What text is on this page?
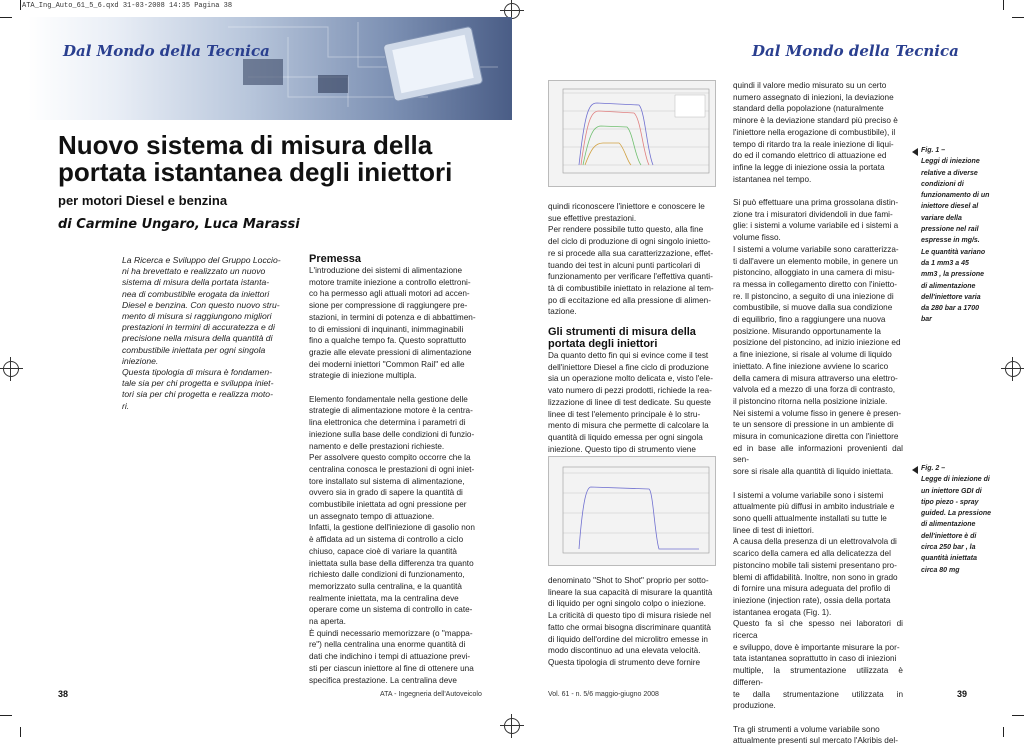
ATA_Ing_Auto_61_5_6.qxd 31-03-2008 14:35 Pagina 38
Dal Mondo della Tecnica	Dal Mondo della Tecnica
Nuovo sistema di misura della
portata istantanea degli iniettori
per motori Diesel e benzina
di Carmine Ungaro, Luca Marassi
La Ricerca e Sviluppo del Gruppo Loccio-
ni ha brevettato e realizzato un nuovo
sistema di misura della portata istanta-
nea di combustibile erogata da iniettori
Diesel e benzina. Con questo nuovo stru-
mento di misura si raggiungono migliori
prestazioni in termini di accuratezza e di
precisione nella misura della quantità di
combustibile iniettata per ogni singola
iniezione.
Questa tipologia di misura è fondamen-
tale sia per chi progetta e sviluppa iniet-
tori sia per chi progetta e realizza moto-
ri.
Premessa
L'introduzione dei sistemi di alimentazione
motore tramite iniezione a controllo elettroni-
co ha permesso agli attuali motori ad accen-
sione per compressione di raggiungere pre-
stazioni, in termini di potenza e di abbattimen-
to di emissioni di inquinanti, inimmaginabili
fino a qualche tempo fa. Questo soprattutto
grazie alle elevate pressioni di alimentazione
dei moderni iniettori "Common Rail" ed alle
strategie di iniezione multipla.
Elemento fondamentale nella gestione delle
strategie di alimentazione motore è la centra-
lina elettronica che determina i parametri di
iniezione sulla base delle condizioni di funzio-
namento e delle prestazioni richieste.
Per assolvere questo compito occorre che la
centralina conosca le prestazioni di ogni iniet-
tore installato sul sistema di alimentazione,
ovvero sia in grado di sapere la quantità di
combustibile iniettata ad ogni pressione per
un assegnato tempo di attuazione.
Infatti, la gestione dell'iniezione di gasolio non
è affidata ad un sistema di controllo a ciclo
chiuso, capace cioè di variare la quantità
iniettata sulla base della differenza tra quanto
richiesto dalle condizioni di funzionamento,
memorizzato sulla centralina, e la quantità
realmente iniettata, ma la centralina deve
operare come un sistema di controllo in cate-
na aperta.
È quindi necessario memorizzare (o "mappa-
re") nella centralina una enorme quantità di
dati che indichino i tempi di attuazione previ-
sti per ciascun iniettore al fine di ottenere una
specifica prestazione. La centralina deve
quindi riconoscere l'iniettore e conoscere le
sue effettive prestazioni.
Per rendere possibile tutto questo, alla fine
del ciclo di produzione di ogni singolo inietto-
re si procede alla sua caratterizzazione, effet-
tuando dei test in alcuni punti particolari di
funzionamento per verificare l'effettiva quanti-
tà di combustibile iniettato in relazione al tem-
po di eccitazione ed alla pressione di alimen-
tazione.
Gli strumenti di misura della
portata degli iniettori
Da quanto detto fin qui si evince come il test
dell'iniettore Diesel a fine ciclo di produzione
sia un operazione molto delicata e, visto l'ele-
vato numero di pezzi prodotti, richiede la rea-
lizzazione di linee di test dedicate. Su queste
linee di test l'elemento principale è lo stru-
mento di misura che permette di calcolare la
quantità di liquido emessa per ogni singola
iniezione. Questo tipo di strumento viene
denominato "Shot to Shot" proprio per sotto-
lineare la sua capacità di misurare la quantità
di liquido per ogni singolo colpo o iniezione.
La criticità di questo tipo di misura risiede nel
fatto che ormai bisogna discriminare quantità
di liquido dell'ordine del microlitro emesse in
modo discontinuo ad una elevata velocità.
Questa tipologia di strumento deve fornire
quindi il valore medio misurato su un certo
numero assegnato di iniezioni, la deviazione
standard della popolazione (naturalmente
minore è la deviazione standard più preciso è
l'iniettore nella erogazione di combustibile), il
tempo di ritardo tra la reale iniezione di liqui-
do ed il comando elettrico di attuazione ed
infine la legge di iniezione ossia la portata
istantanea nel tempo.
Si può effettuare una prima grossolana distin-
zione tra i misuratori dividendoli in due fami-
glie: i sistemi a volume variabile ed i sistemi a
volume fisso.
I sistemi a volume variabile sono caratterizza-
ti dall'avere un elemento mobile, in genere un
pistoncino, alloggiato in una camera di misu-
ra messa in collegamento diretto con l'inietto-
re. Il pistoncino, a seguito di una iniezione di
combustibile, si muove dalla sua condizione
di equilibrio, fino a raggiungere una nuova
posizione. Misurando opportunamente la
posizione del pistoncino, ad inizio iniezione ed
a fine iniezione, si risale al volume di liquido
iniettato. A fine iniezione avviene lo scarico
della camera di misura attraverso una elettro-
valvola ed a mezzo di una forza di contrasto,
il pistoncino ritorna nella posizione iniziale.
Nei sistemi a volume fisso in genere è presen-
te un sensore di pressione in un ambiente di
misura in comunicazione diretta con l'iniettore
ed in base alle informazioni provenienti dal sen-
sore si risale alla quantità di liquido iniettata.
I sistemi a volume variabile sono i sistemi
attualmente più diffusi in ambito industriale e
sono quelli attualmente installati su tutte le
linee di test di iniettori.
A causa della presenza di un elettrovalvola di
scarico della camera ed alla delicatezza del
pistoncino mobile tali sistemi presentano pro-
blemi di affidabilità. Inoltre, non sono in grado
di fornire una misura adeguata del profilo di
iniezione (injection rate), ossia della portata
istantanea erogata (Fig. 1).
Questo fa sì che spesso nei laboratori di ricerca
e sviluppo, dove è importante misurare la por-
tata istantanea soprattutto in caso di iniezioni
multiple, la strumentazione utilizzata è differen-
te dalla strumentazione utilizzata in produzione.
Tra gli strumenti a volume variabile sono
attualmente presenti sul mercato l'Akribis del-
Fig. 1 –
Leggi di iniezione
relative a diverse
condizioni di
funzionamento di un
iniettore diesel al
variare della
pressione nel rail
espresse in mg/s.
Le quantità variano
da 1 mm3 a 45
mm3 , la pressione
di alimentazione
dell'iniettore varia
da 280 bar a 1700
bar
Fig. 2 –
Legge di iniezione di
un iniettore GDI di
tipo piezo - spray
guided. La pressione
di alimentazione
dell'iniettore è di
circa 250 bar , la
quantità iniettata
circa 80 mg
38	ATA - Ingegneria dell'Autoveicolo	Vol. 61 - n. 5/6 maggio-giugno 2008	39
